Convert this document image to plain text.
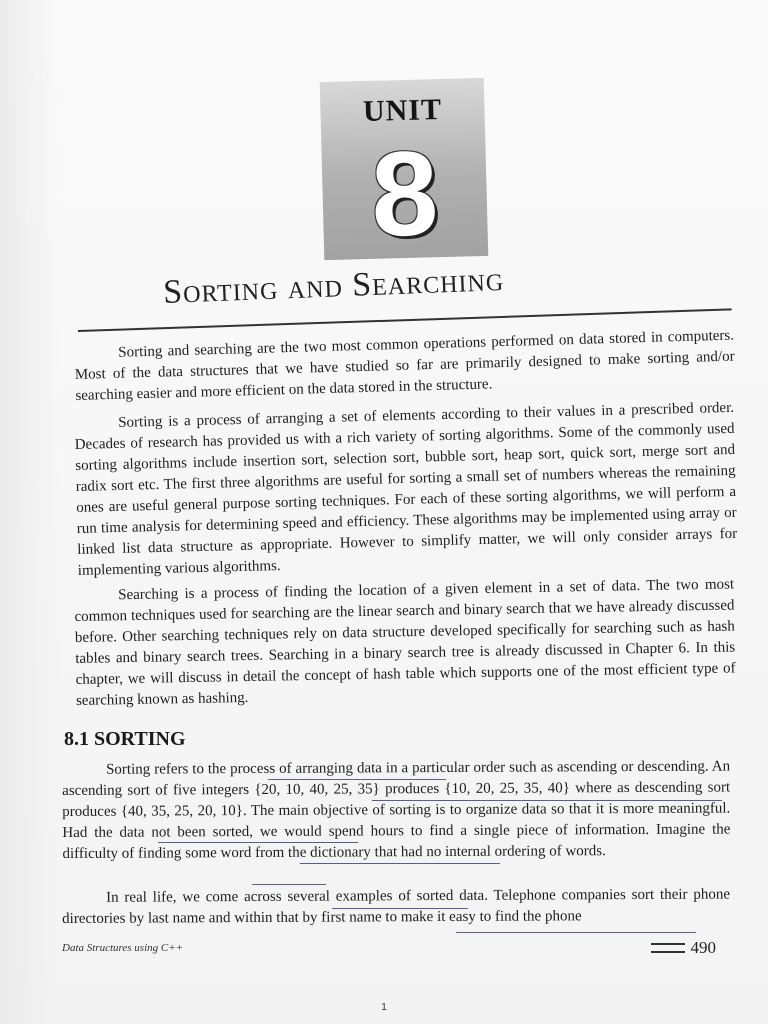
UNIT
8
Sorting and Searching
Sorting and searching are the two most common operations performed on data stored in computers. Most of the data structures that we have studied so far are primarily designed to make sorting and/or searching easier and more efficient on the data stored in the structure.
Sorting is a process of arranging a set of elements according to their values in a prescribed order. Decades of research has provided us with a rich variety of sorting algorithms. Some of the commonly used sorting algorithms include insertion sort, selection sort, bubble sort, heap sort, quick sort, merge sort and radix sort etc. The first three algorithms are useful for sorting a small set of numbers whereas the remaining ones are useful general purpose sorting techniques. For each of these sorting algorithms, we will perform a run time analysis for determining speed and efficiency. These algorithms may be implemented using array or linked list data structure as appropriate. However to simplify matter, we will only consider arrays for implementing various algorithms.
Searching is a process of finding the location of a given element in a set of data. The two most common techniques used for searching are the linear search and binary search that we have already discussed before. Other searching techniques rely on data structure developed specifically for searching such as hash tables and binary search trees. Searching in a binary search tree is already discussed in Chapter 6. In this chapter, we will discuss in detail the concept of hash table which supports one of the most efficient type of searching known as hashing.
8.1 SORTING
Sorting refers to the process of arranging data in a particular order such as ascending or descending. An ascending sort of five integers {20, 10, 40, 25, 35} produces {10, 20, 25, 35, 40} where as descending sort produces {40, 35, 25, 20, 10}. The main objective of sorting is to organize data so that it is more meaningful. Had the data not been sorted, we would spend hours to find a single piece of information. Imagine the difficulty of finding some word from the dictionary that had no internal ordering of words.
In real life, we come across several examples of sorted data. Telephone companies sort their phone directories by last name and within that by first name to make it easy to find the phone
Data Structures using C++	490
1
